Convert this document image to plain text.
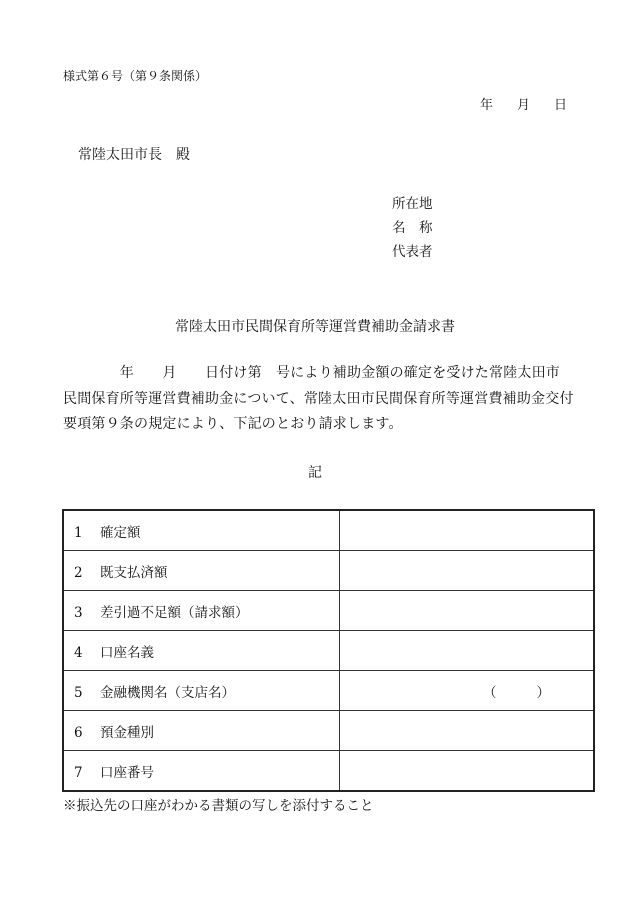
様式第６号（第９条関係）
年 月 日
常陸太田市長　殿
所在地
名　称
代表者
常陸太田市民間保育所等運営費補助金請求書
　　　　年　　月　　日付け第　号により補助金額の確定を受けた常陸太田市
民間保育所等運営費補助金について、常陸太田市民間保育所等運営費補助金交付
要項第９条の規定により、下記のとおり請求します。
記
1 確定額	
2 既支払済額	
3 差引過不足額（請求額）	
4 口座名義	
5 金融機関名（支店名）	（ ）
6 預金種別	
7 口座番号	
※振込先の口座がわかる書類の写しを添付すること
